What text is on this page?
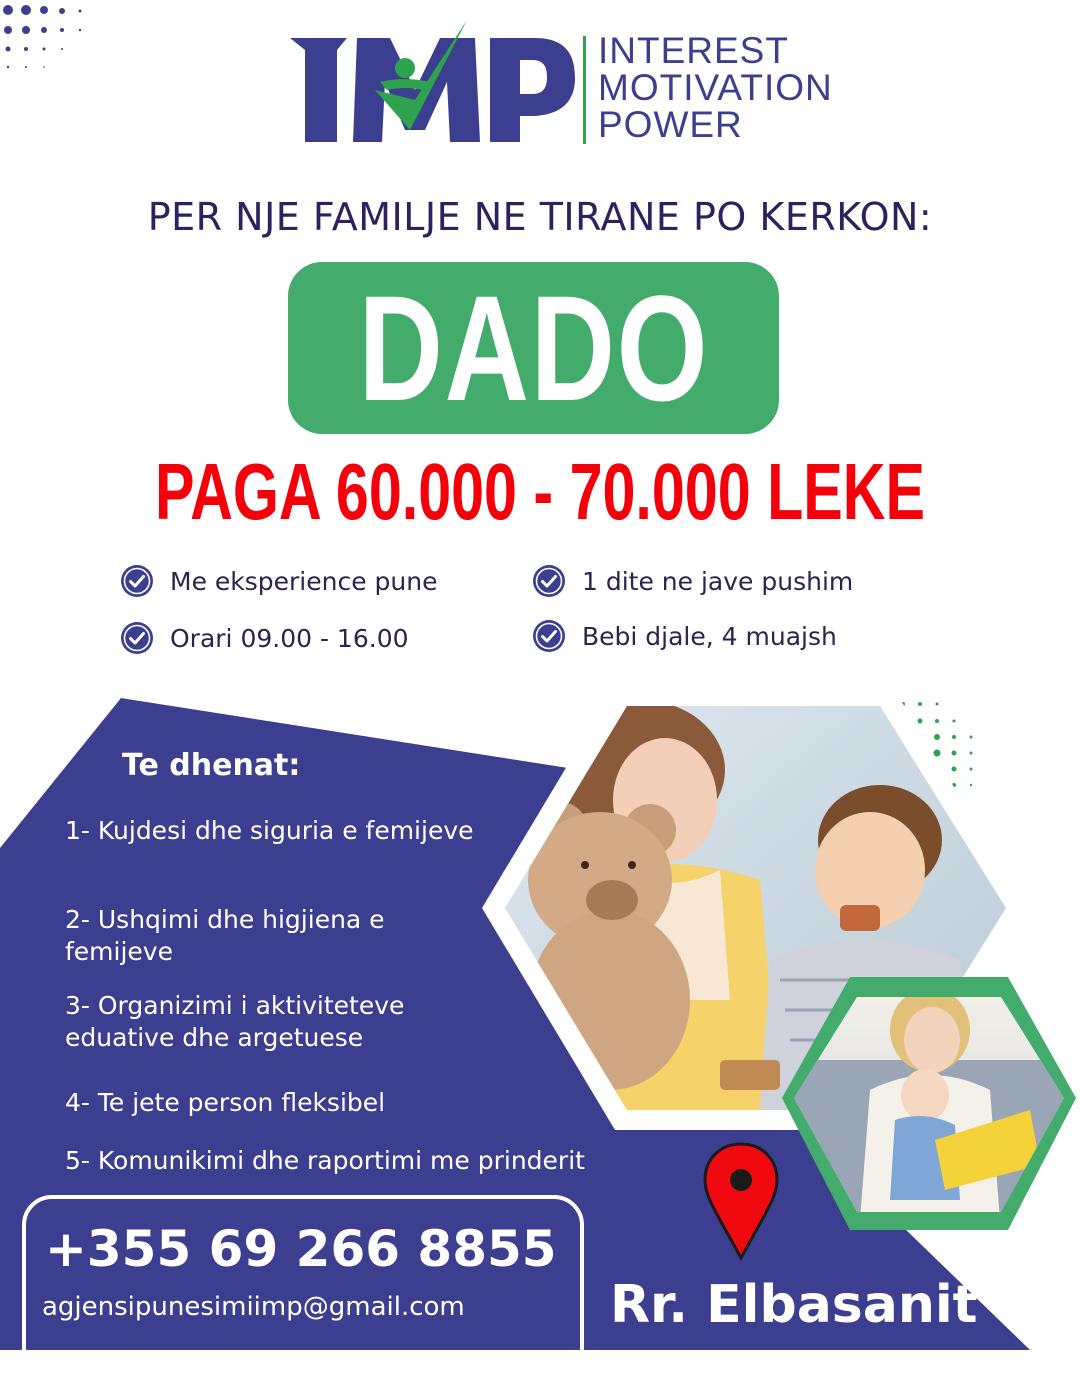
INTEREST
MOTIVATION
POWER
PER NJE FAMILJE NE TIRANE PO KERKON:
DADO
PAGA 60.000 - 70.000 LEKE
Me eksperience pune	1 dite ne jave pushim
Orari 09.00 - 16.00	Bebi djale, 4 muajsh
Te dhenat:
1- Kujdesi dhe siguria e femijeve
2- Ushqimi dhe higjiena e femijeve
3- Organizimi i aktiviteteve eduative dhe argetuese
4- Te jete person fleksibel
5- Komunikimi dhe raportimi me prinderit
+355 69 266 8855
agjensipunesimiimp@gmail.com	Rr. Elbasanit
